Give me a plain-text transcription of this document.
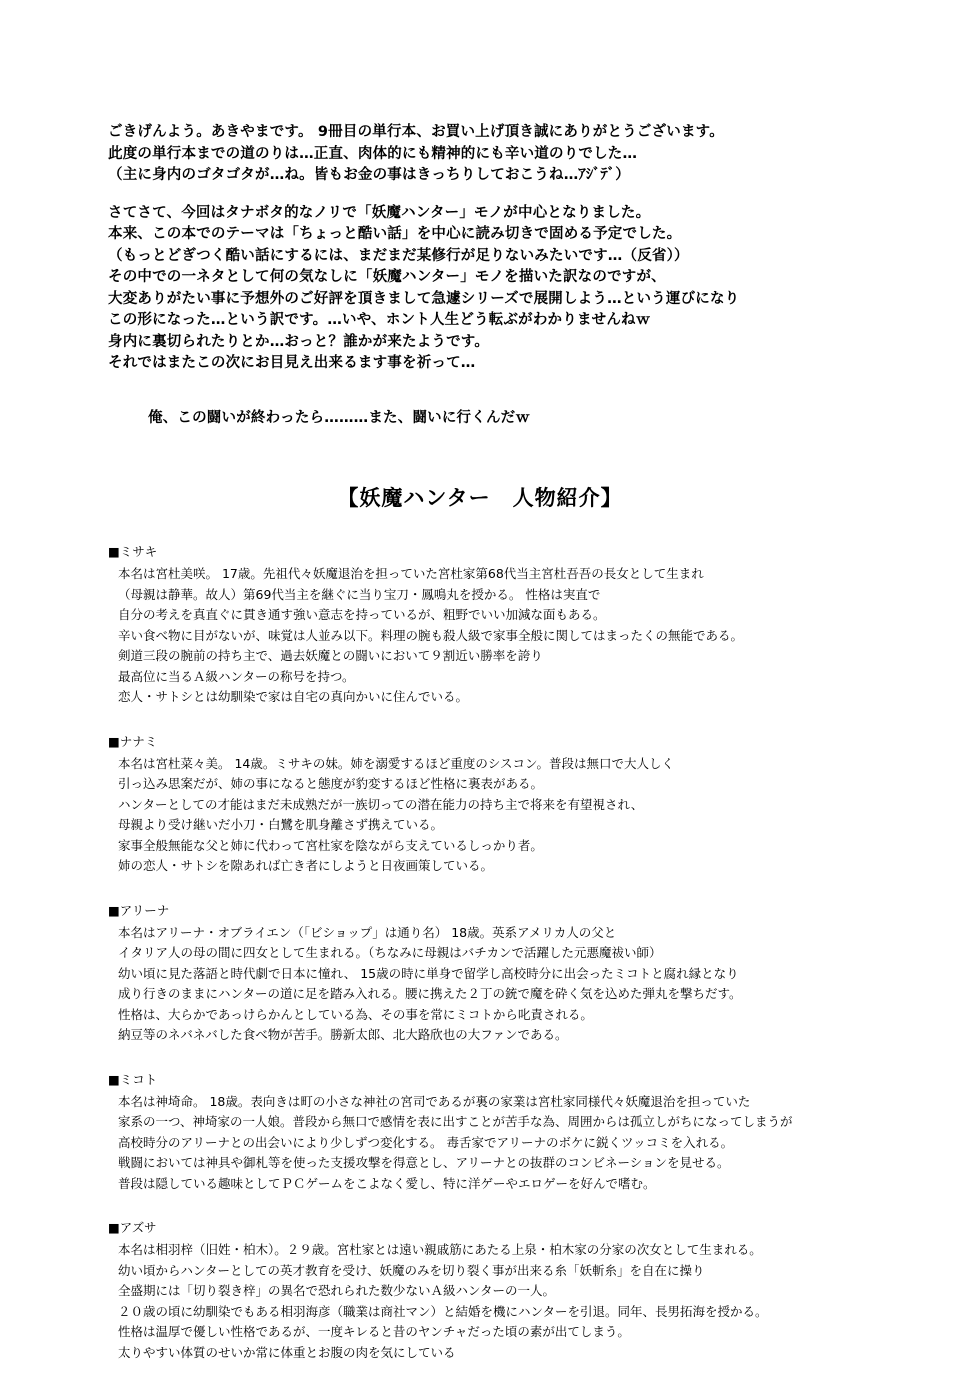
ごきげんよう。あきやまです。 9冊目の単行本、お買い上げ頂き誠にありがとうございます。

此度の単行本までの道のりは…正直、肉体的にも精神的にも辛い道のりでした…

（主に身内のゴタゴタが…ね。皆もお金の事はきっちりしておこうね…ｱｼﾞﾃﾞ）

さてさて、今回はタナボタ的なノリで「妖魔ハンター」モノが中心となりました。

本来、この本でのテーマは「ちょっと酷い話」を中心に読み切きで固める予定でした。

（もっとどぎつく酷い話にするには、まだまだ某修行が足りないみたいです…（反省））

その中での一ネタとして何の気なしに「妖魔ハンター」モノを描いた訳なのですが、

大変ありがたい事に予想外のご好評を頂きまして急遽シリーズで展開しよう…という運びになり

この形になった…という訳です。…いや、ホント人生どう転ぶがわかりませんねｗ

身内に裏切られたりとか…おっと？誰かが来たようです。

それではまたこの次にお目見え出来るます事を祈って…

俺、この闘いが終わったら………また、闘いに行くんだｗ
【妖魔ハンター　人物紹介】
■ミサキ
本名は宮杜美咲。 17歳。先祖代々妖魔退治を担っていた宮杜家第68代当主宮杜吾吾の長女として生まれ
（母親は静華。故人）第69代当主を継ぐに当り宝刀・鳳鳴丸を授かる。 性格は実直で
自分の考えを真直ぐに貫き通す強い意志を持っているが、粗野でいい加減な面もある。
辛い食べ物に目がないが、味覚は人並み以下。料理の腕も殺人級で家事全般に関してはまったくの無能である。
剣道三段の腕前の持ち主で、過去妖魔との闘いにおいて９割近い勝率を誇り
最高位に当るＡ級ハンターの称号を持つ。
恋人・サトシとは幼馴染で家は自宅の真向かいに住んでいる。
■ナナミ
本名は宮杜菜々美。 14歳。ミサキの妹。姉を溺愛するほど重度のシスコン。普段は無口で大人しく
引っ込み思案だが、姉の事になると態度が豹変するほど性格に裏表がある。
ハンターとしての才能はまだ未成熟だが一族切っての潜在能力の持ち主で将来を有望視され、
母親より受け継いだ小刀・白鷺を肌身離さず携えている。
家事全般無能な父と姉に代わって宮杜家を陰ながら支えているしっかり者。
姉の恋人・サトシを隙あれば亡き者にしようと日夜画策している。
■アリーナ
本名はアリーナ・オブライエン（「ビショップ」は通り名） 18歳。英系アメリカ人の父と
イタリア人の母の間に四女として生まれる。（ちなみに母親はバチカンで活躍した元悪魔祓い師）
幼い頃に見た落語と時代劇で日本に憧れ、 15歳の時に単身で留学し高校時分に出会ったミコトと腐れ縁となり
成り行きのままにハンターの道に足を踏み入れる。腰に携えた２丁の銃で魔を砕く気を込めた弾丸を撃ちだす。
性格は、大らかであっけらかんとしている為、その事を常にミコトから叱責される。
納豆等のネバネバした食べ物が苦手。勝新太郎、北大路欣也の大ファンである。
■ミコト
本名は神埼命。 18歳。表向きは町の小さな神社の宮司であるが裏の家業は宮杜家同様代々妖魔退治を担っていた
家系の一つ、神埼家の一人娘。普段から無口で感情を表に出すことが苦手な為、周囲からは孤立しがちになってしまうが
高校時分のアリーナとの出会いにより少しずつ変化する。 毒舌家でアリーナのボケに鋭くツッコミを入れる。
戦闘においては神具や御札等を使った支援攻撃を得意とし、アリーナとの抜群のコンビネーションを見せる。
普段は隠している趣味としてＰＣゲームをこよなく愛し、特に洋ゲーやエロゲーを好んで嗜む。
■アズサ
本名は相羽梓（旧姓・柏木）。２９歳。宮杜家とは遠い親戚筋にあたる上泉・柏木家の分家の次女として生まれる。
幼い頃からハンターとしての英才教育を受け、妖魔のみを切り裂く事が出来る糸「妖斬糸」を自在に操り
全盛期には「切り裂き梓」の異名で恐れられた数少ないＡ級ハンターの一人。
２０歳の頃に幼馴染でもある相羽海彦（職業は商社マン）と結婚を機にハンターを引退。同年、長男拓海を授かる。
性格は温厚で優しい性格であるが、一度キレると昔のヤンチャだった頃の素が出てしまう。
太りやすい体質のせいか常に体重とお腹の肉を気にしている
